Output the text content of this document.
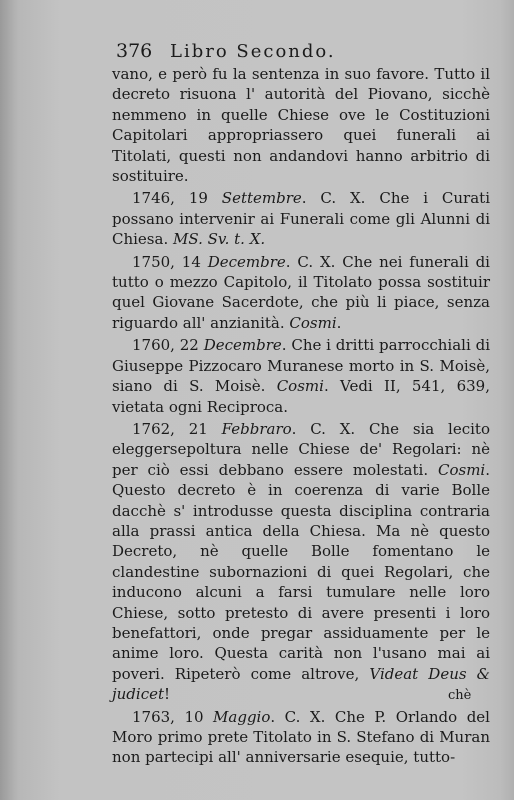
376 Libro Secondo.

vano, e però fu la sentenza in suo favore. Tutto il decreto risuona l' autorità del Piovano, sicchè nemmeno in quelle Chiese ove le Costituzioni Capitolari appropriassero quei funerali ai Titolati, questi non andandovi hanno arbitrio di sostituire.

1746, 19 Settembre. C. X. Che i Curati possano intervenir ai Funerali come gli Alunni di Chiesa. MS. Sv. t. X.

1750, 14 Decembre. C. X. Che nei funerali di tutto o mezzo Capitolo, il Titolato possa sostituir quel Giovane Sacerdote, che più li piace, senza riguardo all' anzianità. Cosmi.

1760, 22 Decembre. Che i dritti parrocchiali di Giuseppe Pizzocaro Muranese morto in S. Moisè, siano di S. Moisè. Cosmi. Vedi II, 541, 639, vietata ogni Reciproca.

1762, 21 Febbraro. C. X. Che sia lecito eleggersepoltura nelle Chiese de' Regolari: nè per ciò essi debbano essere molestati. Cosmi. Questo decreto è in coerenza di varie Bolle dacchè s' introdusse questa disciplina contraria alla prassi antica della Chiesa. Ma nè questo Decreto, nè quelle Bolle fomentano le clandestine subornazioni di quei Regolari, che inducono alcuni a farsi tumulare nelle loro Chiese, sotto pretesto di avere presenti i loro benefattori, onde pregar assiduamente per le anime loro. Questa carità non l'usano mai ai poveri. Ripeterò come altrove, Videat Deus & judicet!

1763, 10 Maggio. C. X. Che P. Orlando del Moro primo prete Titolato in S. Stefano di Muran non partecipi all' anniversarie esequie, tutto-

chè
